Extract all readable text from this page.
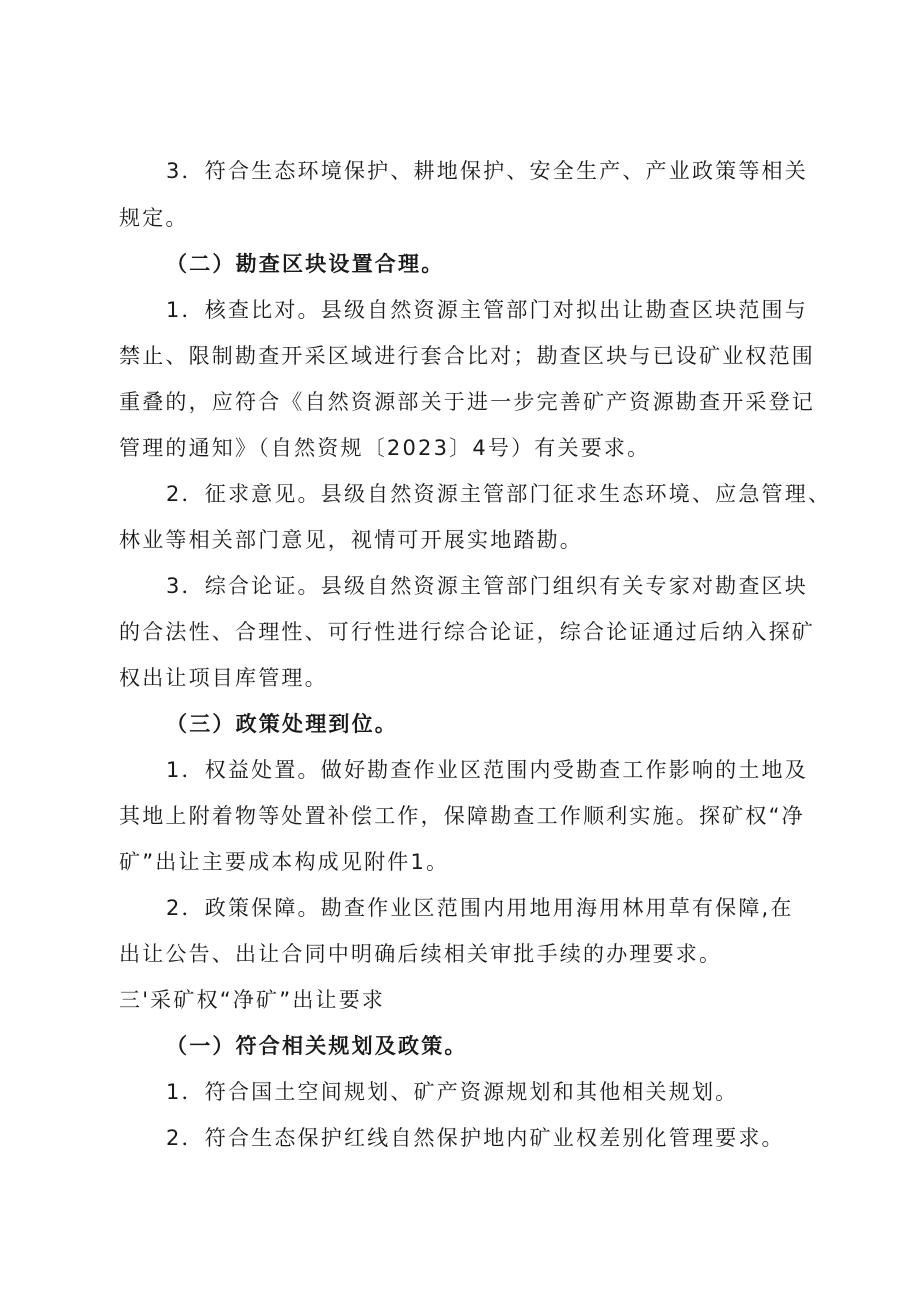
3．符合生态环境保护、耕地保护、安全生产、产业政策等相关
规定。
（二）勘查区块设置合理。
1．核查比对。县级自然资源主管部门对拟出让勘查区块范围与
禁止、限制勘查开采区域进行套合比对；勘查区块与已设矿业权范围
重叠的，应符合《自然资源部关于进一步完善矿产资源勘查开采登记
管理的通知》（自然资规〔2023〕4号）有关要求。
2．征求意见。县级自然资源主管部门征求生态环境、应急管理、
林业等相关部门意见，视情可开展实地踏勘。
3．综合论证。县级自然资源主管部门组织有关专家对勘查区块
的合法性、合理性、可行性进行综合论证，综合论证通过后纳入探矿
权出让项目库管理。
（三）政策处理到位。
1．权益处置。做好勘查作业区范围内受勘查工作影响的土地及
其地上附着物等处置补偿工作，保障勘查工作顺利实施。探矿权“净
矿”出让主要成本构成见附件1。
2．政策保障。勘查作业区范围内用地用海用林用草有保障,在
出让公告、出让合同中明确后续相关审批手续的办理要求。
三'采矿权“净矿”出让要求
（一）符合相关规划及政策。
1．符合国土空间规划、矿产资源规划和其他相关规划。
2．符合生态保护红线自然保护地内矿业权差别化管理要求。
